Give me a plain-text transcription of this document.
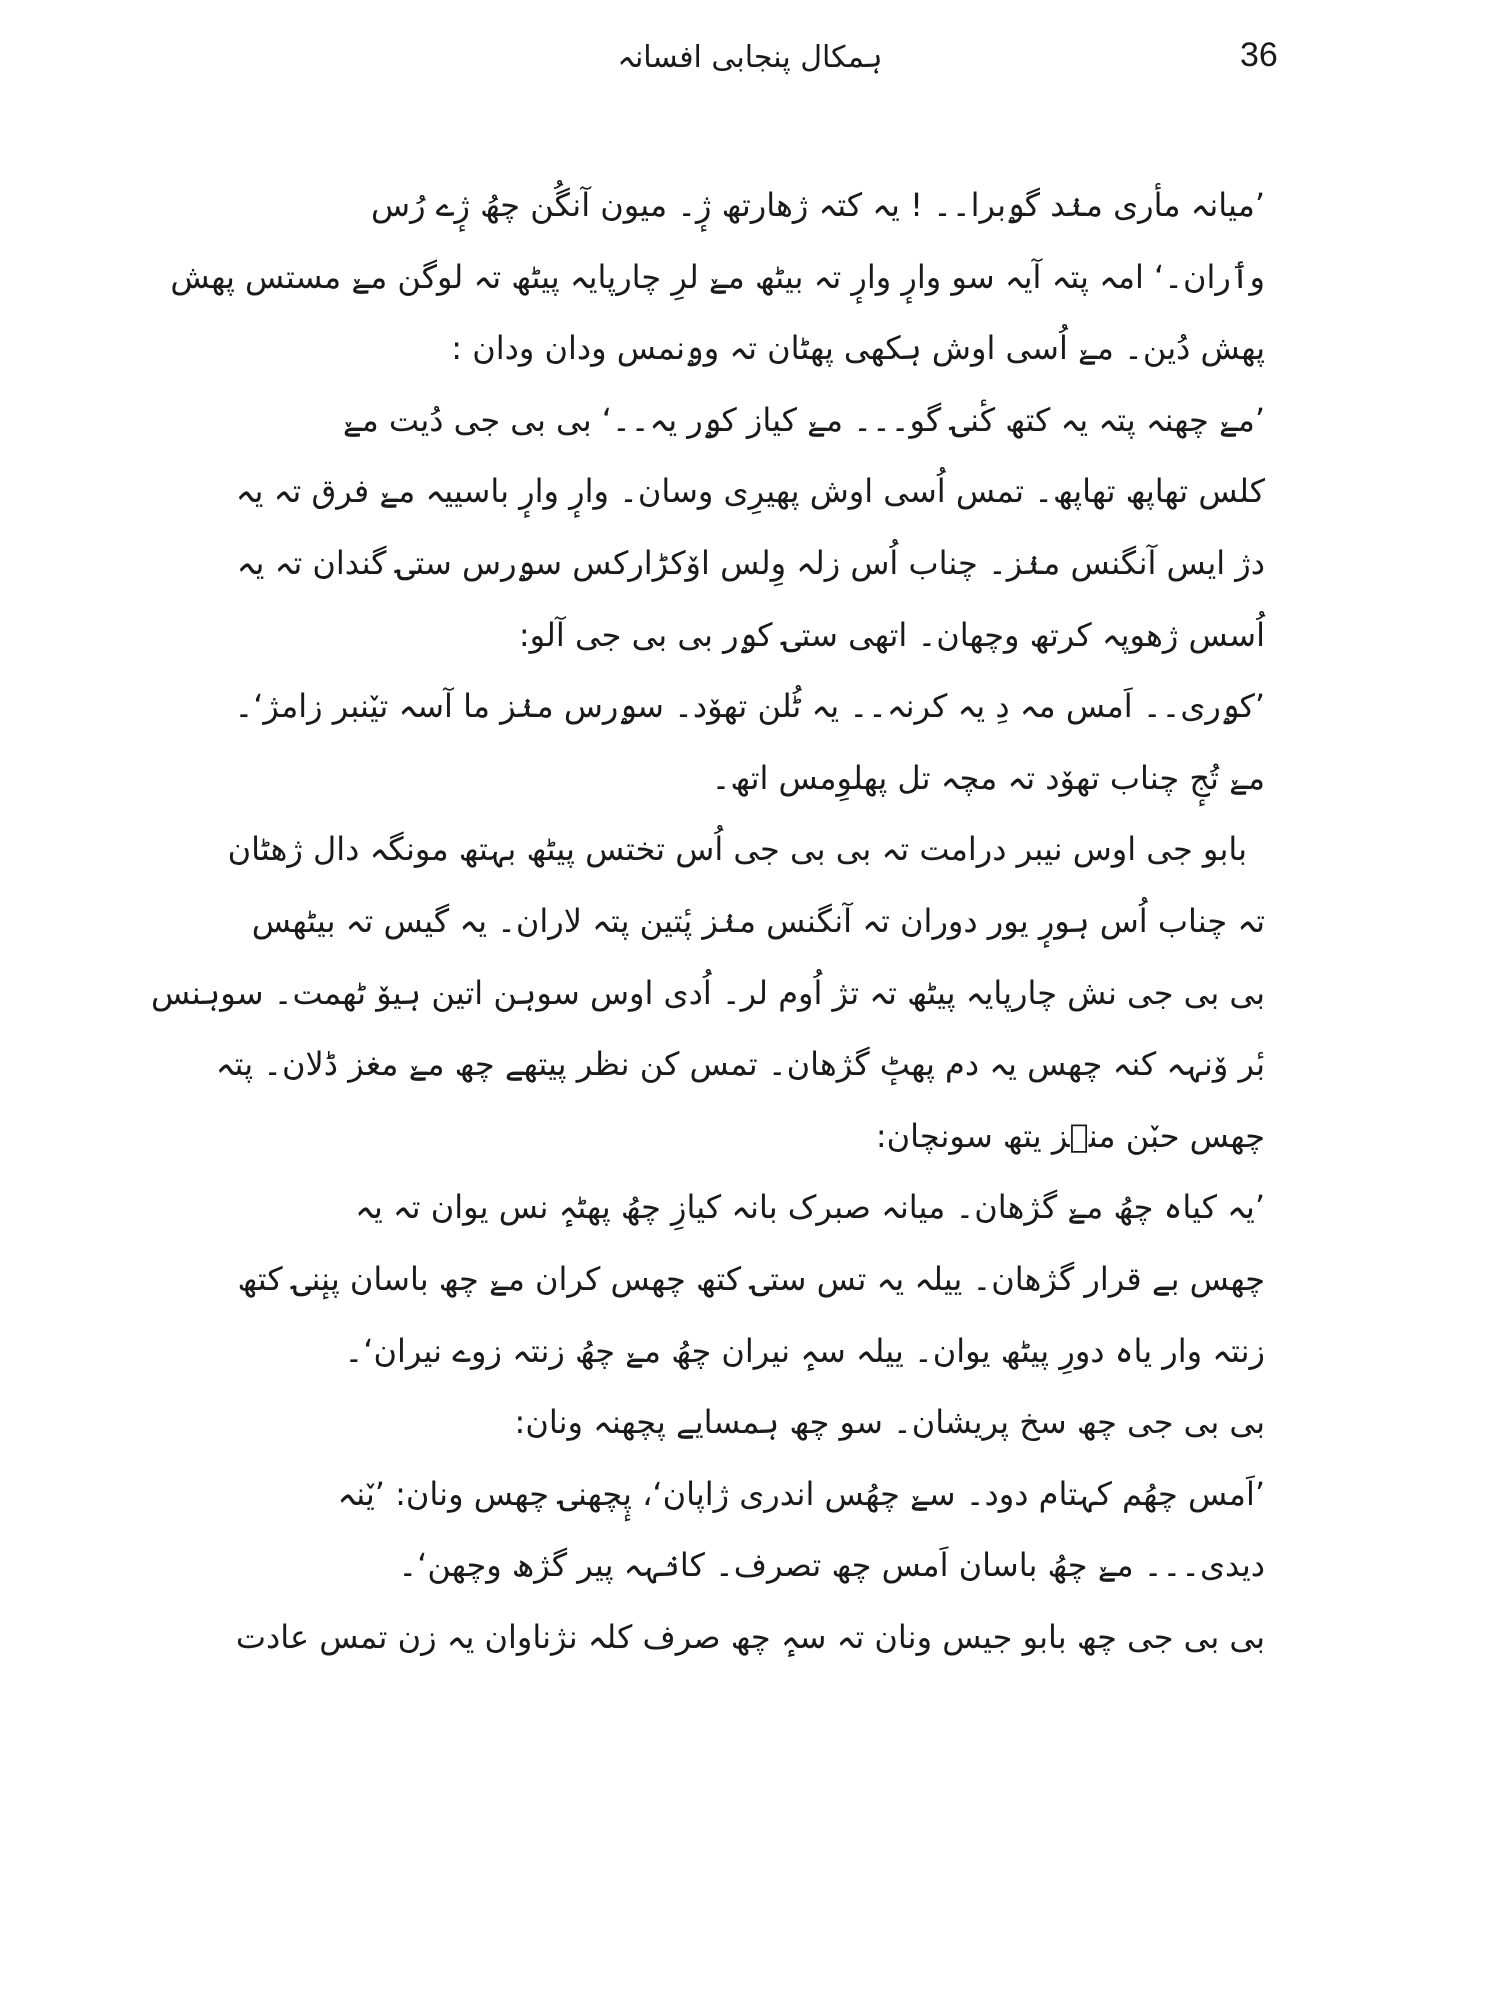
ہمکال پنجابی افسانہ	36
’میانہ مأری منٛد گۄبرا۔۔ ! یہ کتہ ژھارتھ ژٕ۔ میون آنگُن چھُ ژٕے رُس
وٲران۔‘ امہ پتہ آیہ سو وارٕ وارٕ تہ بیٹھ مےٚ لرِ چارپایہ پیٹھ تہ لوگن مےٚ مستس پھش
پھش دُین۔ مےٚ اُسی اوش ہکھی پھٹان تہ وۄنمس ودان ودان :
’مےٚ چھنہ پتہ یہ کتھ کٔنۍ گو۔۔۔ مےٚ کیاز کۄر یہ۔۔‘ بی بی جی دُیت مےٚ
کلس تھاپھ تھاپھ۔ تمس اُسی اوش پھیرِی وسان۔ وارٕ وارٕ باسییہ مےٚ فرق تہ یہ
دژ ایس آنگنس منٛز۔ چناب اُس زلہ وِلس اوٚکڑارکس سۄرس ستۍ گندان تہ یہ
اُسس ژھوپہ کرتھ وچھان۔ اتھی ستۍ کۄر بی بی جی آلو:
’کۄری۔۔ اَمس مہ دِ یہ کرنہ۔۔ یہ ٹُلن تھوٚد۔ سۄرس منٛز ما آسہ تیٚنبر زامژ‘۔
مےٚ تُجٕ چناب تھوٚد تہ مچہ تل پھلوِمس اتھ۔
بابو جی اوس نیبر درامت تہ بی بی جی اُس تختس پیٹھ بہتھ مونگہ دال ژھٹان
تہ چناب اُس ہورٕ یور دوران تہ آنگنس منٛز پٔتین پتہ لاران۔ یہ گیس تہ بیٹھس
بی بی جی نش چارپایہ پیٹھ تہ تژ اُوم لر۔ اُدی اوس سوہن اتین ہیوٚ ٹھمت۔ سوہنس
بٔر وٚنہہ کنہ چھس یہ دم پھٹٕ گژھان۔ تمس کن نظر پیتھے چھ مےٚ مغز ڈلان۔ پتہ
چھس حبٚن منٛز یتھ سونچان:
’یہ کیاہ چھُ مےٚ گژھان۔ میانہ صبرک بانہ کیازِ چھُ پھٹہٕ نس یوان تہ یہ
چھس بے قرار گژھان۔ ییلہ یہ تس ستۍ کتھ چھس کران مےٚ چھ باسان پنٕنۍ کتھ
زنتہ وار یاہ دورِ پیٹھ یوان۔ ییلہ سہٕ نیران چھُ مےٚ چھُ زنتہ زوے نیران‘۔
بی بی جی چھ سخ پریشان۔ سو چھ ہمسایے پچھنہ ونان:
’اَمس چھُم کہتام دود۔ سےٚ چھُس اندری ژاپان‘، پٕچھنۍ چھس ونان: ’یٚنہ
دیدی۔۔۔ مےٚ چھُ باسان اَمس چھ تصرف۔ کانٛہہ پیر گژھ وچھن‘۔
بی بی جی چھ بابو جیس ونان تہ سہٕ چھ صرف کلہ نژناوان یہ زن تمس عادت
